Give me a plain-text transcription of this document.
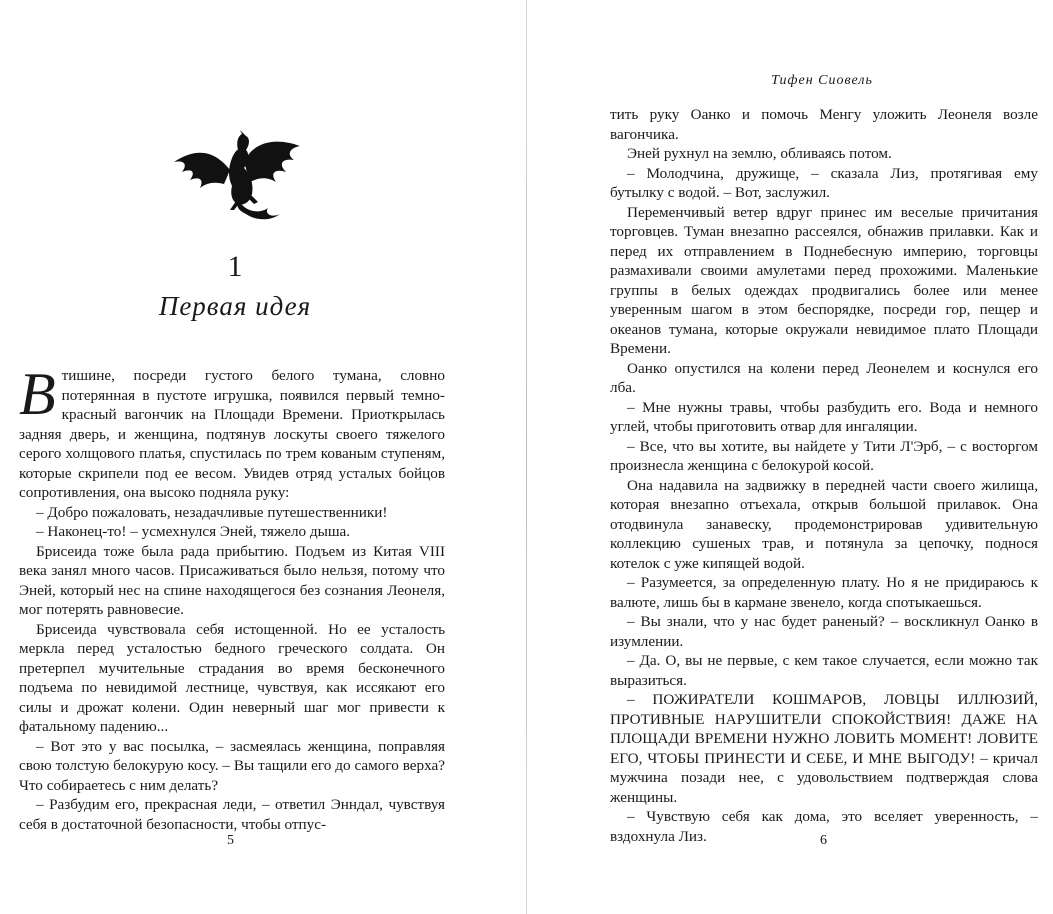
1
Первая идея

Втишине, посреди густого белого тумана, словно потерянная в пустоте игрушка, появился первый темно-красный вагончик на Площади Времени. Приоткрылась задняя дверь, и женщина, подтянув лоскуты своего тяжелого серого холщового платья, спустилась по трем кованым ступеням, которые скрипели под ее весом. Увидев отряд усталых бойцов сопротивления, она высоко подняла руку:

– Добро пожаловать, незадачливые путешественники!

– Наконец-то! – усмехнулся Эней, тяжело дыша.

Брисеида тоже была рада прибытию. Подъем из Китая VIII века занял много часов. Присаживаться было нельзя, потому что Эней, который нес на спине находящегося без сознания Леонеля, мог потерять равновесие.

Брисеида чувствовала себя истощенной. Но ее усталость меркла перед усталостью бедного греческого солдата. Он претерпел мучительные страдания во время бесконечного подъема по невидимой лестнице, чувствуя, как иссякают его силы и дрожат колени. Один неверный шаг мог привести к фатальному падению...

– Вот это у вас посылка, – засмеялась женщина, поправляя свою толстую белокурую косу. – Вы тащили его до самого верха? Что собираетесь с ним делать?

– Разбудим его, прекрасная леди, – ответил Энндал, чувствуя себя в достаточной безопасности, чтобы отпус-

5
Тифен Сиовель

тить руку Оанко и помочь Менгу уложить Леонеля возле вагончика.

Эней рухнул на землю, обливаясь потом.

– Молодчина, дружище, – сказала Лиз, протягивая ему бутылку с водой. – Вот, заслужил.

Переменчивый ветер вдруг принес им веселые причитания торговцев. Туман внезапно рассеялся, обнажив прилавки. Как и перед их отправлением в Поднебесную империю, торговцы размахивали своими амулетами перед прохожими. Маленькие группы в белых одеждах продвигались более или менее уверенным шагом в этом беспорядке, посреди гор, пещер и океанов тумана, которые окружали невидимое плато Площади Времени.

Оанко опустился на колени перед Леонелем и коснулся его лба.

– Мне нужны травы, чтобы разбудить его. Вода и немного углей, чтобы приготовить отвар для ингаляции.

– Все, что вы хотите, вы найдете у Тити Л'Эрб, – с восторгом произнесла женщина с белокурой косой.

Она надавила на задвижку в передней части своего жилища, которая внезапно отъехала, открыв большой прилавок. Она отодвинула занавеску, продемонстрировав удивительную коллекцию сушеных трав, и потянула за цепочку, поднося котелок с уже кипящей водой.

– Разумеется, за определенную плату. Но я не придираюсь к валюте, лишь бы в кармане звенело, когда спотыкаешься.

– Вы знали, что у нас будет раненый? – воскликнул Оанко в изумлении.

– Да. О, вы не первые, с кем такое случается, если можно так выразиться.

– ПОЖИРАТЕЛИ КОШМАРОВ, ЛОВЦЫ ИЛЛЮЗИЙ, ПРОТИВНЫЕ НАРУШИТЕЛИ СПОКОЙСТВИЯ! ДАЖЕ НА ПЛОЩАДИ ВРЕМЕНИ НУЖНО ЛОВИТЬ МОМЕНТ! ЛОВИТЕ ЕГО, ЧТОБЫ ПРИНЕСТИ И СЕБЕ, И МНЕ ВЫГОДУ! – кричал мужчина позади нее, с удовольствием подтверждая слова женщины.

– Чувствую себя как дома, это вселяет уверенность, – вздохнула Лиз.	6
